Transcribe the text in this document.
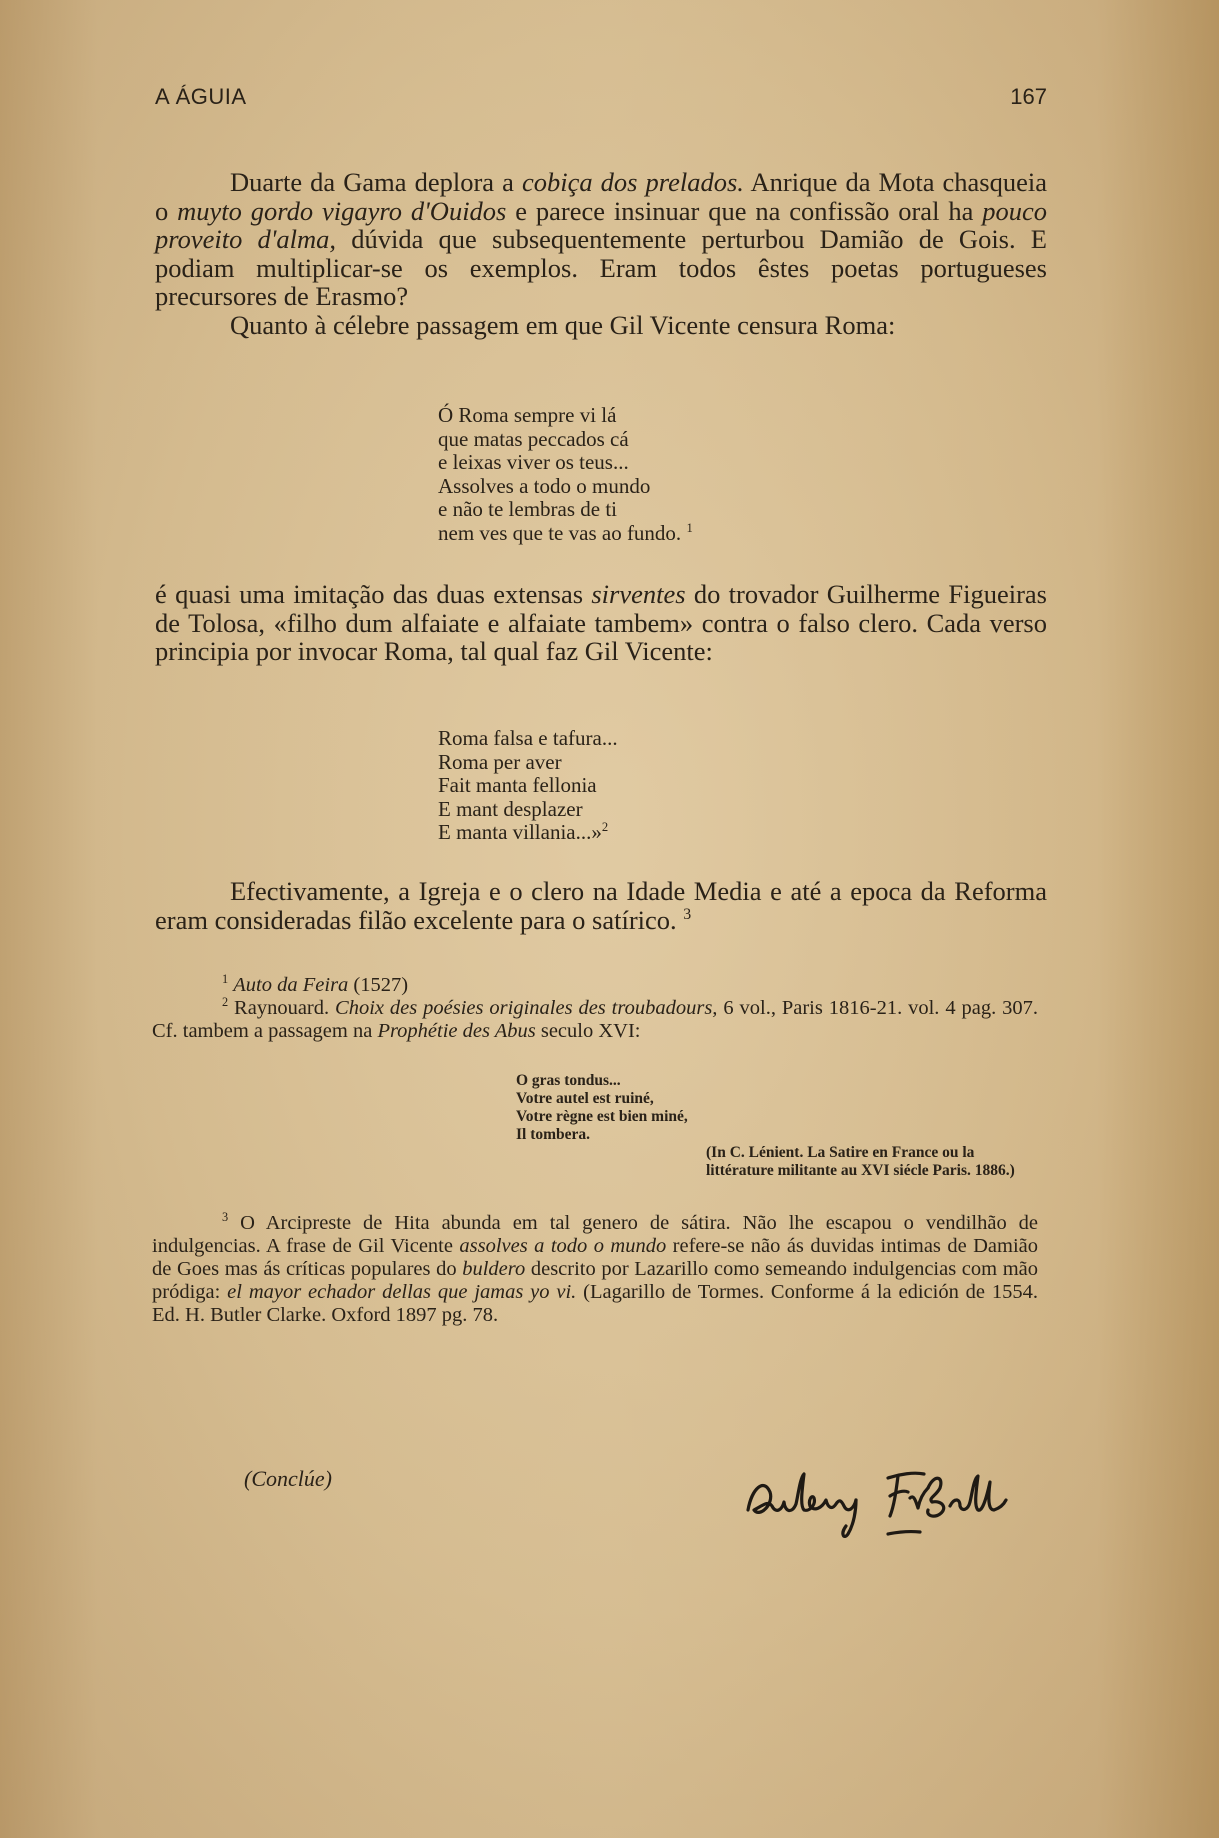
A ÁGUIA	167

Duarte da Gama deplora a cobiça dos prelados. Anrique da Mota chasqueia o muyto gordo vigayro d'Ouidos e parece insinuar que na confissão oral ha pouco proveito d'alma, dúvida que subsequentemente perturbou Damião de Gois. E podiam multiplicar-se os exemplos. Eram todos êstes poetas portugueses precursores de Erasmo?

Quanto à célebre passagem em que Gil Vicente censura Roma:

Ó Roma sempre vi lá
que matas peccados cá
e leixas viver os teus...
Assolves a todo o mundo
e não te lembras de ti
nem ves que te vas ao fundo. $^1$

é quasi uma imitação das duas extensas sirventes do trovador Guilherme Figueiras de Tolosa, «filho dum alfaiate e alfaiate tambem» contra o falso clero. Cada verso principia por invocar Roma, tal qual faz Gil Vicente:

Roma falsa e tafura...
Roma per aver
Fait manta fellonia
E mant desplazer
E manta villania...»$^2$

Efectivamente, a Igreja e o clero na Idade Media e até a epoca da Reforma eram consideradas filão excelente para o satírico. $^3$

$^1$ Auto da Feira (1527)

$^2$ Raynouard. Choix des poésies originales des troubadours, 6 vol., Paris 1816-21. vol. 4 pag. 307. Cf. tambem a passagem na Prophétie des Abus seculo XVI:

O gras tondus...
Votre autel est ruiné,
Votre règne est bien miné,
Il tombera.
(In C. Lénient. La Satire en France ou la littérature militante au XVI siécle Paris. 1886.)

$^3$ O Arcipreste de Hita abunda em tal genero de sátira. Não lhe escapou o vendilhão de indulgencias. A frase de Gil Vicente assolves a todo o mundo refere-se não ás duvidas intimas de Damião de Goes mas ás críticas populares do buldero descrito por Lazarillo como semeando indulgencias com mão pródiga: el mayor echador dellas que jamas yo vi. (Lagarillo de Tormes. Conforme á la edición de 1554. Ed. H. Butler Clarke. Oxford 1897 pg. 78.

(Conclúe)
